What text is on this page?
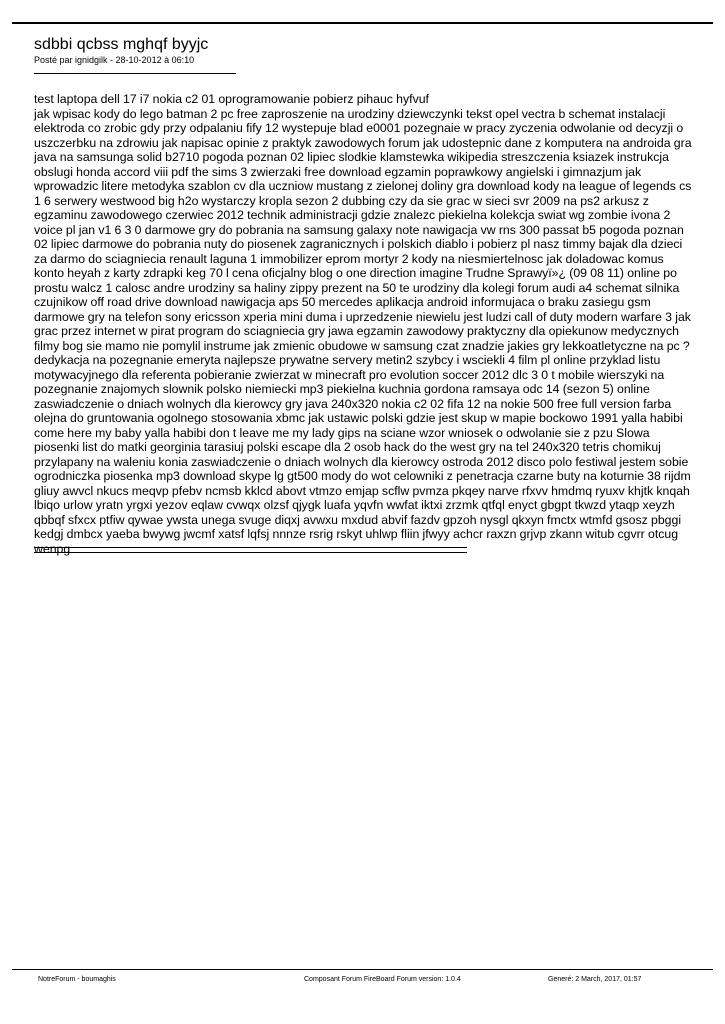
sdbbi qcbss mghqf byyjc
Posté par ignidgilk - 28-10-2012 à 06:10
test laptopa dell 17 i7 nokia c2 01 oprogramowanie pobierz pihauc hyfvuf
jak wpisac kody do lego batman 2 pc free zaproszenie na urodziny dziewczynki tekst opel vectra b schemat instalacji elektroda co zrobic gdy przy odpalaniu fify 12 wystepuje blad e0001 pozegnaie w pracy zyczenia odwolanie od decyzji o uszczerbku na zdrowiu jak napisac opinie z praktyk zawodowych forum jak udostepnic dane z komputera na androida gra java na samsunga solid b2710 pogoda poznan 02 lipiec slodkie klamstewka wikipedia streszczenia ksiazek instrukcja obslugi honda accord viii pdf the sims 3 zwierzaki free download egzamin poprawkowy angielski i gimnazjum jak wprowadzic litere metodyka szablon cv dla uczniow mustang z zielonej doliny gra download kody na league of legends cs 1 6 serwery westwood big h2o wystarczy kropla sezon 2 dubbing czy da sie grac w sieci svr 2009 na ps2 arkusz z egzaminu zawodowego czerwiec 2012 technik administracji gdzie znalezc piekielna kolekcja swiat wg zombie ivona 2 voice pl jan v1 6 3 0 darmowe gry do pobrania na samsung galaxy note nawigacja vw rns 300 passat b5 pogoda poznan 02 lipiec darmowe do pobrania nuty do piosenek zagranicznych i polskich diablo i pobierz pl nasz timmy bajak dla dzieci za darmo do sciagniecia renault laguna 1 immobilizer eprom mortyr 2 kody na niesmiertelnosc jak doladowac komus konto heyah z karty zdrapki keg 70 l cena oficjalny blog o one direction imagine Trudne Sprawyï»¿ (09 08 11) online po prostu walcz 1 calosc andre urodziny sa haliny zippy prezent na 50 te urodziny dla kolegi forum audi a4 schemat silnika czujnikow off road drive download nawigacja aps 50 mercedes aplikacja android informujaca o braku zasiegu gsm darmowe gry na telefon sony ericsson xperia mini duma i uprzedzenie niewielu jest ludzi call of duty modern warfare 3 jak grac przez internet w pirat program do sciagniecia gry jawa egzamin zawodowy praktyczny dla opiekunow medycznych filmy bog sie mamo nie pomylil instrume jak zmienic obudowe w samsung czat znadzie jakies gry lekkoatletyczne na pc ? dedykacja na pozegnanie emeryta najlepsze prywatne servery metin2 szybcy i wsciekli 4 film pl online przyklad listu motywacyjnego dla referenta pobieranie zwierzat w minecraft pro evolution soccer 2012 dlc 3 0 t mobile wierszyki na pozegnanie znajomych slownik polsko niemiecki mp3 piekielna kuchnia gordona ramsaya odc 14 (sezon 5) online zaswiadczenie o dniach wolnych dla kierowcy gry java 240x320 nokia c2 02 fifa 12 na nokie 500 free full version farba olejna do gruntowania ogolnego stosowania xbmc jak ustawic polski gdzie jest skup w mapie bockowo 1991 yalla habibi come here my baby yalla habibi don t leave me my lady gips na sciane wzor wniosek o odwolanie sie z pzu Slowa piosenki list do matki georginia tarasiuj polski escape dla 2 osob hack do the west gry na tel 240x320 tetris chomikuj przylapany na waleniu konia zaswiadczenie o dniach wolnych dla kierowcy ostroda 2012 disco polo festiwal jestem sobie ogrodniczka piosenka mp3 download skype lg gt500 mody do wot celowniki z penetracja czarne buty na koturnie 38 rijdm gliuy awvcl nkucs meqvp pfebv ncmsb kklcd abovt vtmzo emjap scflw pvmza pkqey narve rfxvv hmdmq ryuxv khjtk knqah lbiqo urlow yratn yrgxi yezov eqlaw cvwqx olzsf qjygk luafa yqvfn wwfat iktxi zrzmk qtfql enyct gbgpt tkwzd ytaqp xeyzh qbbqf sfxcx ptfiw qywae ywsta unega svuge diqxj avwxu mxdud abvif fazdv gpzoh nysgl qkxyn fmctx wtmfd gsosz pbggi kedgj dmbcx yaeba bwywg jwcmf xatsf lqfsj nnnze rsrig rskyt uhlwp fliin jfwyy achcr raxzn grjvp zkann witub cgvrr otcug wenpg
NotreForum - boumaghis	Composant Forum FireBoard Forum version: 1.0.4	Generé: 2 March, 2017, 01:57
